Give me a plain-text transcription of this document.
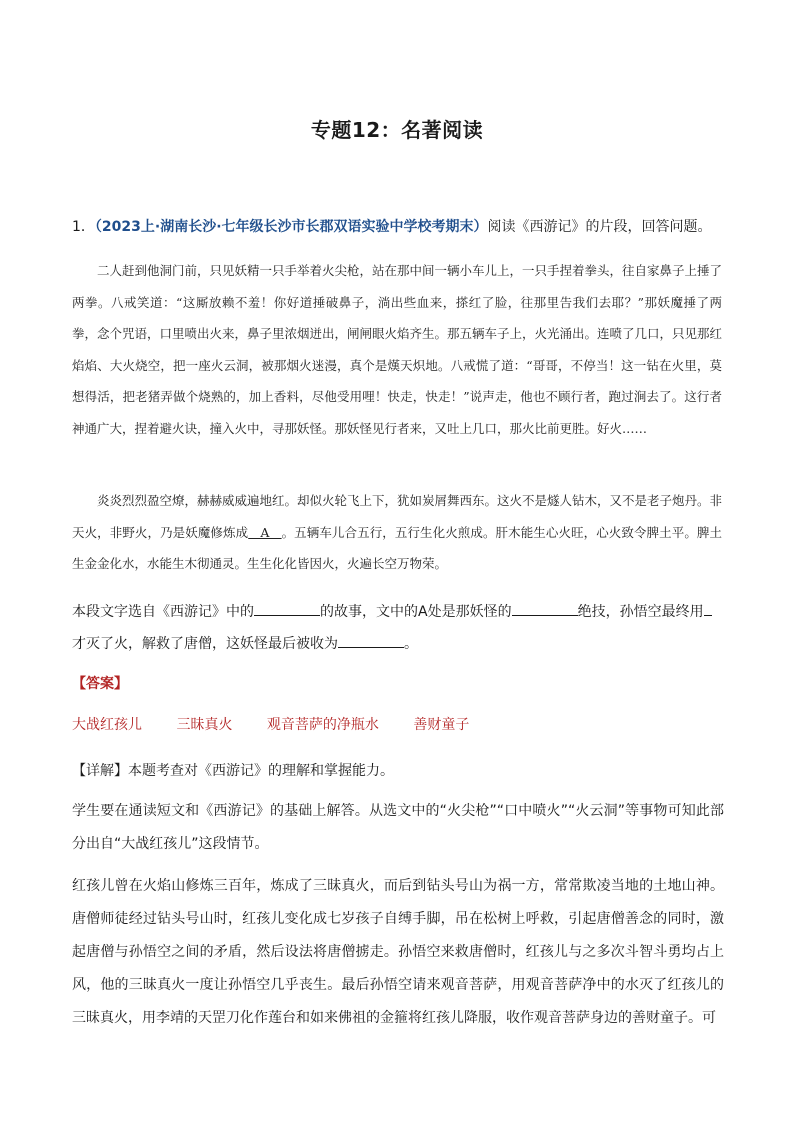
专题12：名著阅读
1．（2023上·湖南长沙·七年级长沙市长郡双语实验中学校考期末）阅读《西游记》的片段，回答问题。
二人赶到他洞门前，只见妖精一只手举着火尖枪，站在那中间一辆小车儿上，一只手捏着拳头，往自家鼻子上捶了两拳。八戒笑道：“这厮放赖不羞！你好道捶破鼻子，淌出些血来，搽红了脸，往那里告我们去耶？”那妖魔捶了两拳，念个咒语，口里喷出火来，鼻子里浓烟迸出，闸闸眼火焰齐生。那五辆车子上，火光涌出。连喷了几口，只见那红焰焰、大火烧空，把一座火云洞，被那烟火迷漫，真个是熯天炽地。八戒慌了道：“哥哥，不停当！这一钻在火里，莫想得活，把老猪弄做个烧熟的，加上香料，尽他受用哩！快走，快走！”说声走，他也不顾行者，跑过涧去了。这行者神通广大，捏着避火诀，撞入火中，寻那妖怪。那妖怪见行者来，又吐上几口，那火比前更胜。好火……
炎炎烈烈盈空燎，赫赫威威遍地红。却似火轮飞上下，犹如炭屑舞西东。这火不是燧人钻木，又不是老子炮丹。非天火，非野火，乃是妖魔修炼成   A   。五辆车儿合五行，五行生化火煎成。肝木能生心火旺，心火致令脾土平。脾土生金金化水，水能生木彻通灵。生生化化皆因火，火遍长空万物荣。
本段文字选自《西游记》中的	的故事，文中的A处是那妖怪的	绝技，孙悟空最终用才灭了火，解救了唐僧，这妖怪最后被收为	。
【答案】
大战红孩儿 三昧真火 观音菩萨的净瓶水 善财童子
【详解】本题考查对《西游记》的理解和掌握能力。
学生要在通读短文和《西游记》的基础上解答。从选文中的“火尖枪”“口中喷火”“火云洞”等事物可知此部分出自“大战红孩儿”这段情节。
红孩儿曾在火焰山修炼三百年，炼成了三昧真火，而后到钻头号山为祸一方，常常欺凌当地的土地山神。唐僧师徒经过钻头号山时，红孩儿变化成七岁孩子自缚手脚，吊在松树上呼救，引起唐僧善念的同时，激起唐僧与孙悟空之间的矛盾，然后设法将唐僧掳走。孙悟空来救唐僧时，红孩儿与之多次斗智斗勇均占上风，他的三昧真火一度让孙悟空几乎丧生。最后孙悟空请来观音菩萨，用观音菩萨净中的水灭了红孩儿的三昧真火，用李靖的天罡刀化作莲台和如来佛祖的金箍将红孩儿降服，收作观音菩萨身边的善财童子。可
